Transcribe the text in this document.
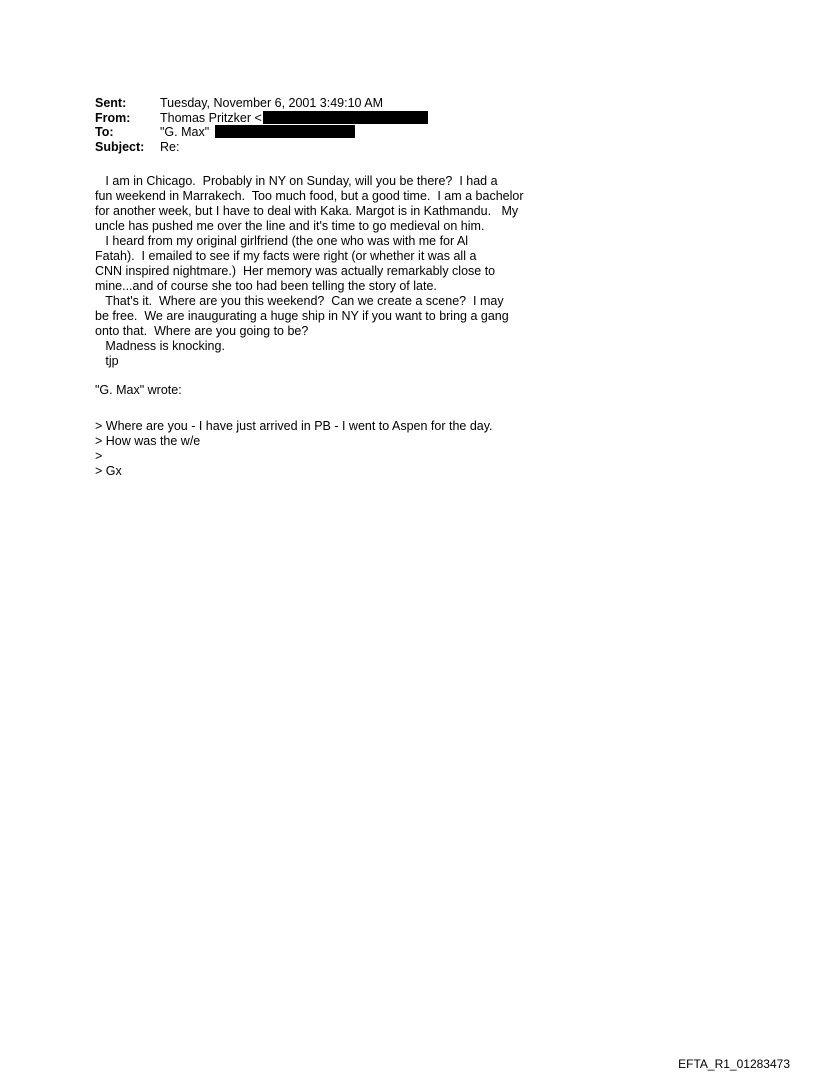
Sent:	Tuesday, November 6, 2001 3:49:10 AM
From: Thomas Pritzker <
To:	"G. Max"
Subject: Re:
I am in Chicago.  Probably in NY on Sunday, will you be there?  I had a
fun weekend in Marrakech.  Too much food, but a good time.  I am a bachelor
for another week, but I have to deal with Kaka. Margot is in Kathmandu.   My
uncle has pushed me over the line and it's time to go medieval on him.
I heard from my original girlfriend (the one who was with me for Al
Fatah).  I emailed to see if my facts were right (or whether it was all a
CNN inspired nightmare.)  Her memory was actually remarkably close to
mine...and of course she too had been telling the story of late.
That's it.  Where are you this weekend?  Can we create a scene?  I may
be free.  We are inaugurating a huge ship in NY if you want to bring a gang
onto that.  Where are you going to be?
Madness is knocking.
tjp
"G. Max" wrote:
> Where are you - I have just arrived in PB - I went to Aspen for the day.
> How was the w/e
>
> Gx
EFTA_R1_01283473
